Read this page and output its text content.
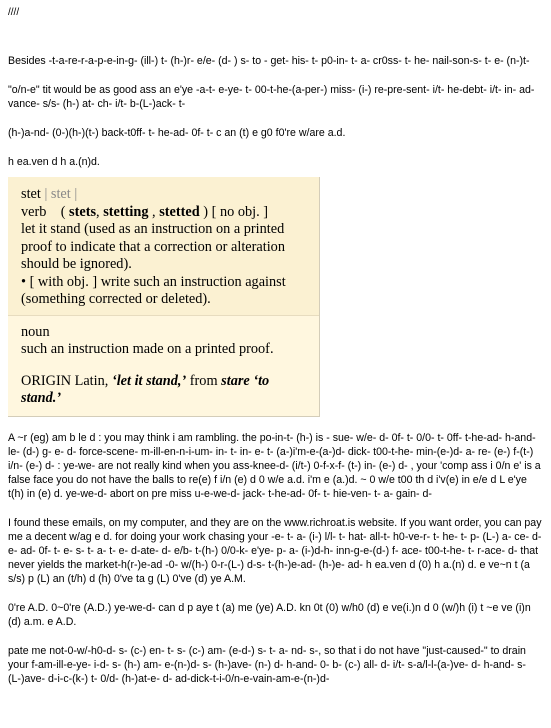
////

Besides -t-a-re-r-a-p-e-in-g- (ill-) t- (h-)r- e/e- (d- ) s- to - get- his- t- p0-in- t- a- cr0ss- t- he- nail-son-s- t- e- (n-)t-

"o/n-e" tit would be as good ass an e'ye -a-t- e-ye- t- 00-t-he-(a-per-) miss- (i-) re-pre-sent- i/t- he-debt- i/t- in- ad-vance- s/s- (h-) at- ch- i/t- b-(L-)ack- t-

(h-)a-nd- (0-)(h-)(t-) back-t0ff- t- he-ad- 0f- t- c an (t) e g0 f0're w/are a.d.

h ea.ven d h a.(n)d.

stet | stet |
verb ( stets, stetting , stetted ) [ no obj. ]
let it stand (used as an instruction on a printed proof to indicate that a correction or alteration should be ignored).
• [ with obj. ] write such an instruction against (something corrected or deleted).
noun
such an instruction made on a printed proof.
ORIGIN Latin, ‘let it stand,’ from stare ‘to stand.’

A ~r (eg) am b le d : you may think i am rambling. the po-in-t- (h-) is - sue- w/e- d- 0f- t- 0/0- t- 0ff- t-he-ad- h-and- le- (d-) g- e- d- force-scene- m-ill-en-n-i-um- in- t- in- e- t- (a-)i'm-e-(a-)d- dick- t00-t-he- min-(e-)d- a- re- (e-) f-(t-) i/n- (e-) d- : ye-we- are not really kind when you ass-knee-d- (i/t-) 0-f-x-f- (t-) in- (e-) d- , your 'comp ass i 0/n e' is a false face you do not have the balls to re(e) f i/n (e) d 0 w/e a.d. i'm e (a.)d. ~ 0 w/e t00 th d i'v(e) in e/e d L e'ye t(h) in (e) d. ye-we-d- abort on pre miss u-e-we-d- jack- t-he-ad- 0f- t- hie-ven- t- a- gain- d-

I found these emails, on my computer, and they are on the www.richroat.is website. If you want order, you can pay me a decent w/ag e d. for doing your work chasing your -e- t- a- (i-) l/l- t- hat- all-t- h0-ve-r- t- he- t- p- (L-) a- ce- d-e- ad- 0f- t- e- s- t- a- t- e- d-ate- d- e/b- t-(h-) 0/0-k- e'ye- p- a- (i-)d-h- inn-g-e-(d-) f- ace- t00-t-he- t- r-ace- d- that never yields the market-h(r-)e-ad -0- w/(h-) 0-r-(L-) d-s- t-(h-)e-ad- (h-)e- ad- h ea.ven d (0) h a.(n) d. e ve~n t (a s/s) p (L) an (t/h) d (h) 0've ta g (L) 0've (d) ye A.M.

0're A.D. 0~0're (A.D.) ye-we-d- can d p aye t (a) me (ye) A.D. kn 0t (0) w/h0 (d) e ve(i.)n d 0 (w/)h (i) t ~e ve (i)n (d) a.m. e A.D.

pate me not-0-w/-h0-d- s- (c-) en- t- s- (c-) am- (e-d-) s- t- a- nd- s-, so that i do not have "just-caused-" to drain your f-am-ill-e-ye- i-d- s- (h-) am- e-(n-)d- s- (h-)ave- (n-) d- h-and- 0- b- (c-) all- d- i/t- s-a/l-l-(a-)ve- d- h-and- s- (L-)ave- d-i-c-(k-) t- 0/d- (h-)at-e- d- ad-dick-t-i-0/n-e-vain-am-e-(n-)d-
